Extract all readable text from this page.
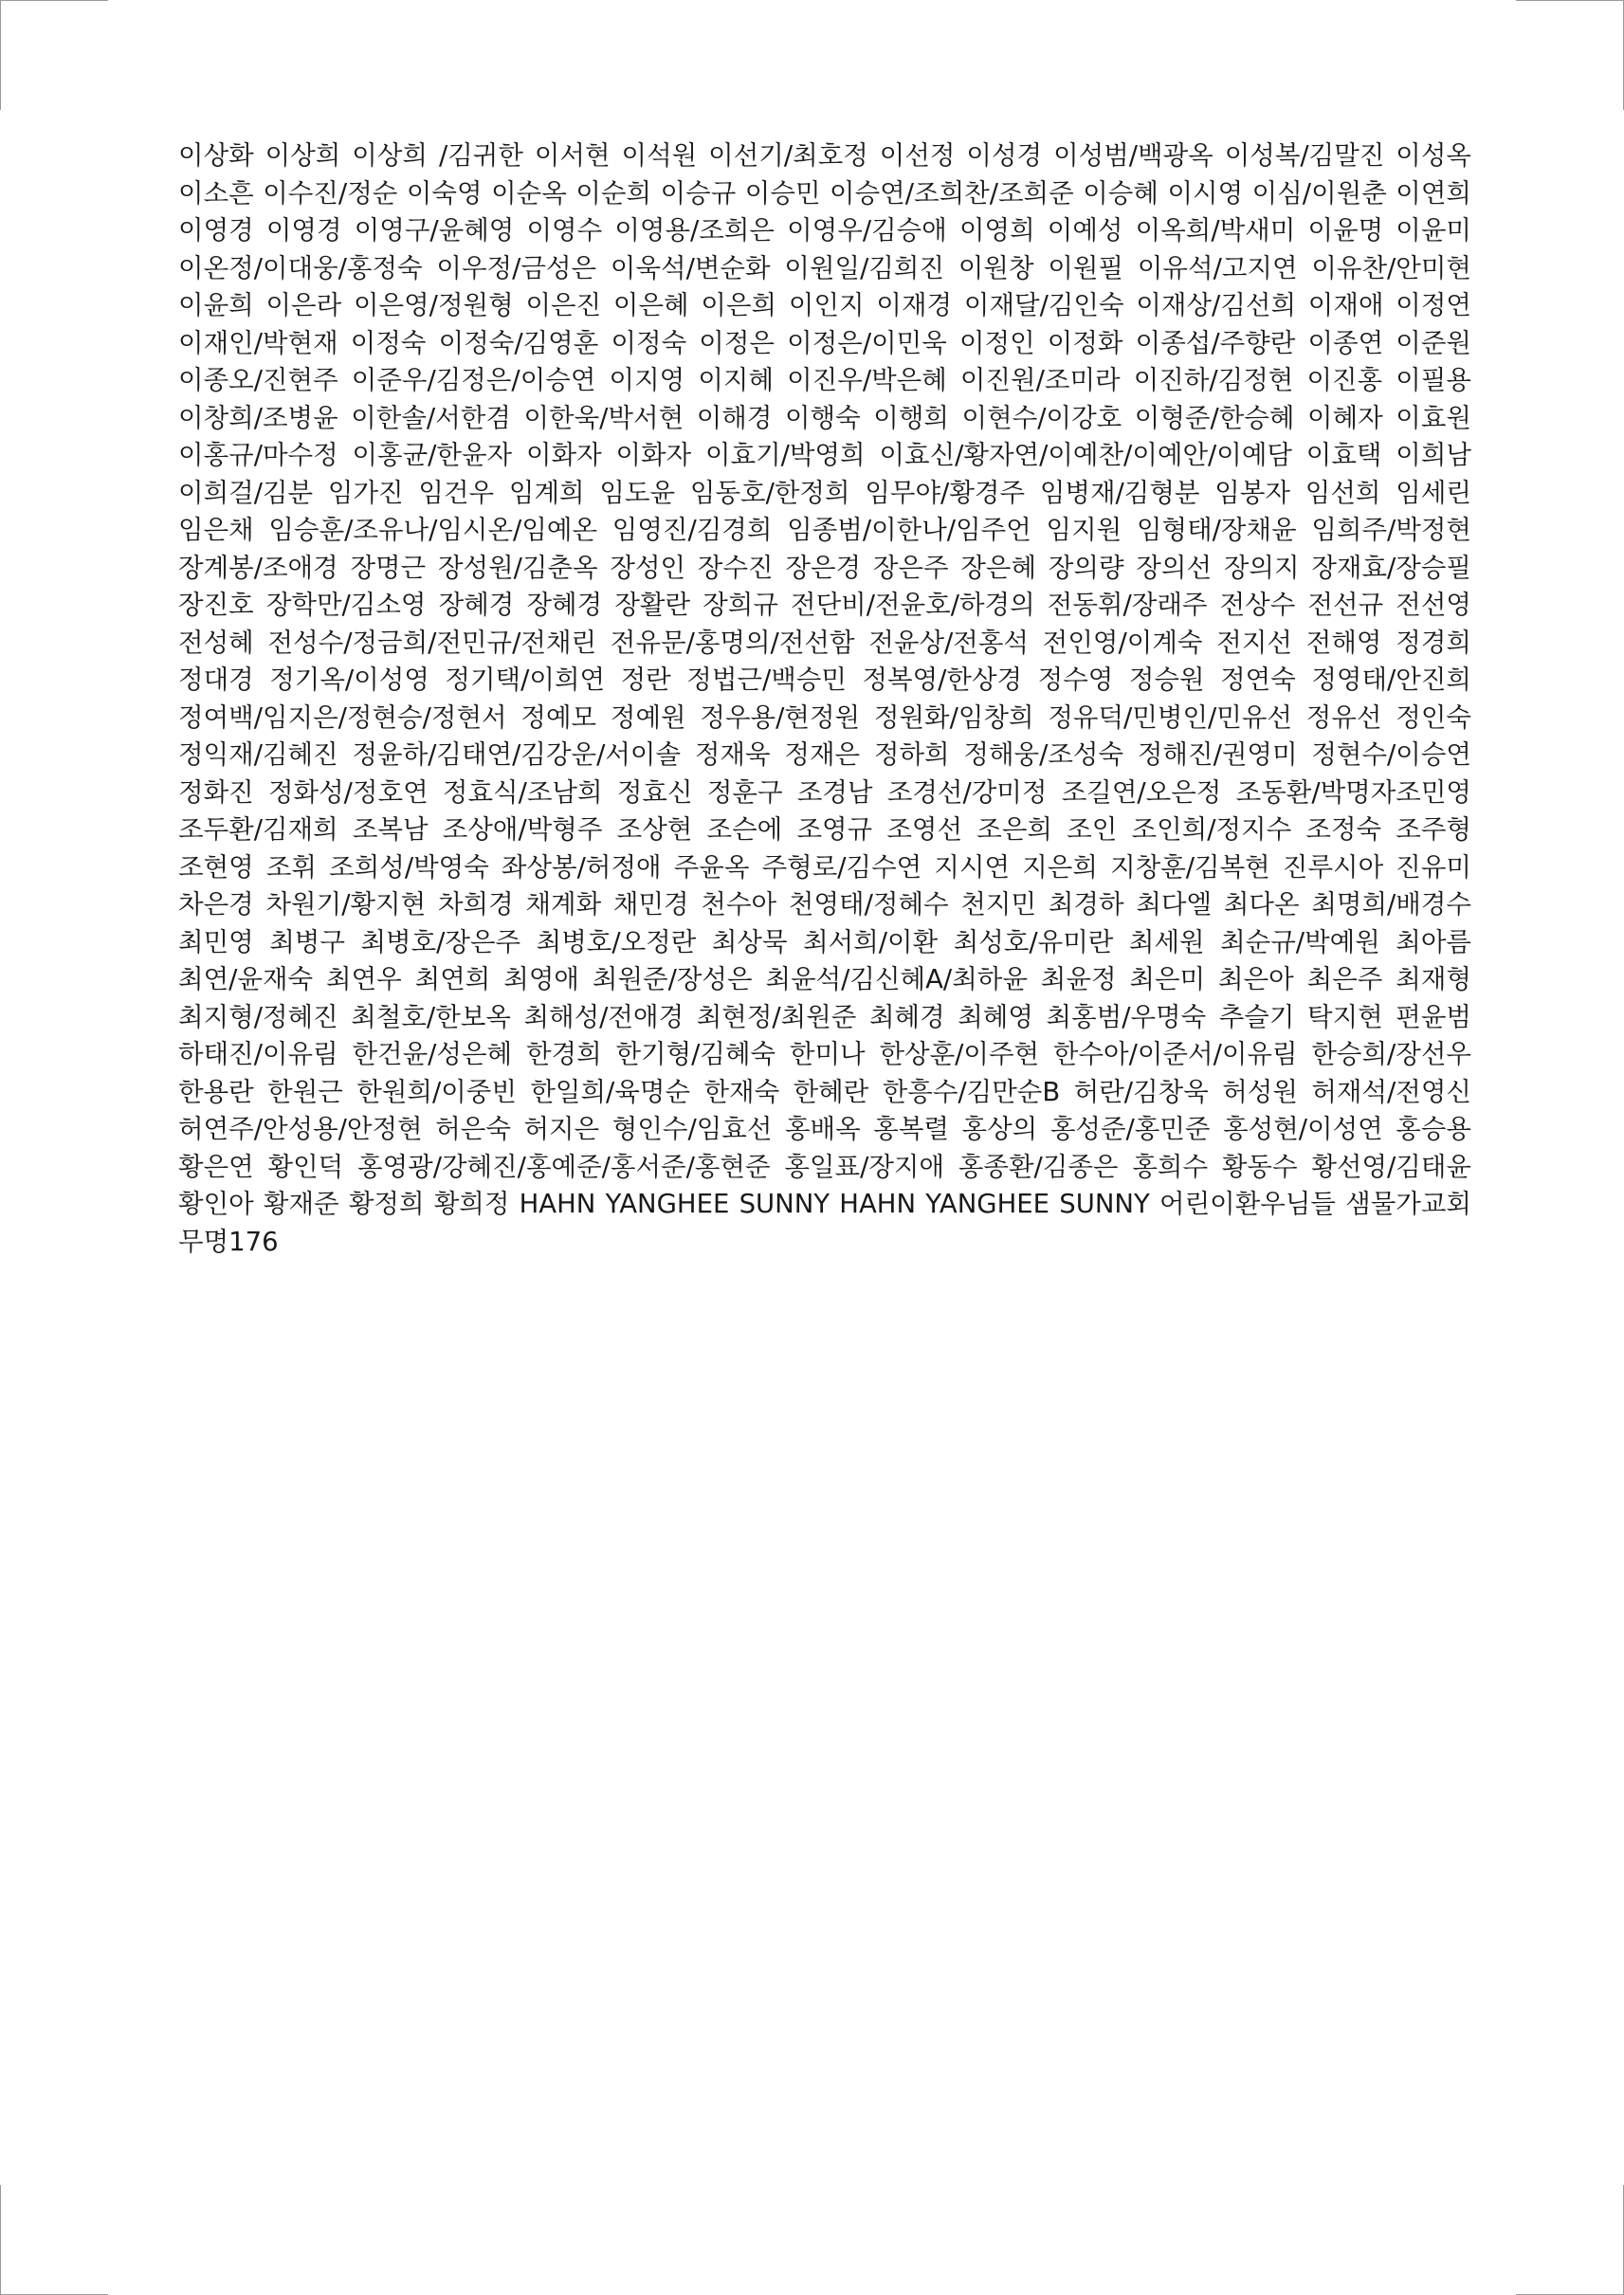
이상화 이상희 이상희 /김귀한 이서현 이석원 이선기/최호정 이선정 이성경 이성범/백광옥 이성복/김말진 이성옥
이소흔 이수진/정순 이숙영 이순옥 이순희 이승규 이승민 이승연/조희찬/조희준 이승혜 이시영 이심/이원춘 이연희
이영경 이영경 이영구/윤혜영 이영수 이영용/조희은 이영우/김승애 이영희 이예성 이옥희/박새미 이윤명 이윤미
이온정/이대웅/홍정숙 이우정/금성은 이욱석/변순화 이원일/김희진 이원창 이원필 이유석/고지연 이유찬/안미현
이윤희 이은라 이은영/정원형 이은진 이은혜 이은희 이인지 이재경 이재달/김인숙 이재상/김선희 이재애 이정연
이재인/박현재 이정숙 이정숙/김영훈 이정숙 이정은 이정은/이민욱 이정인 이정화 이종섭/주향란 이종연 이준원
이종오/진현주 이준우/김정은/이승연 이지영 이지혜 이진우/박은혜 이진원/조미라 이진하/김정현 이진홍 이필용
이창희/조병윤 이한솔/서한겸 이한욱/박서현 이해경 이행숙 이행희 이현수/이강호 이형준/한승혜 이혜자 이효원
이홍규/마수정 이홍균/한윤자 이화자 이화자 이효기/박영희 이효신/황자연/이예찬/이예안/이예담 이효택 이희남
이희걸/김분 임가진 임건우 임계희 임도윤 임동호/한정희 임무야/황경주 임병재/김형분 임봉자 임선희 임세린
임은채 임승훈/조유나/임시온/임예온 임영진/김경희 임종범/이한나/임주언 임지원 임형태/장채윤 임희주/박정현
장계봉/조애경 장명근 장성원/김춘옥 장성인 장수진 장은경 장은주 장은혜 장의량 장의선 장의지 장재효/장승필
장진호 장학만/김소영 장혜경 장혜경 장활란 장희규 전단비/전윤호/하경의 전동휘/장래주 전상수 전선규 전선영
전성혜 전성수/정금희/전민규/전채린 전유문/홍명의/전선함 전윤상/전홍석 전인영/이계숙 전지선 전해영 정경희
정대경 정기옥/이성영 정기택/이희연 정란 정법근/백승민 정복영/한상경 정수영 정승원 정연숙 정영태/안진희
정여백/임지은/정현승/정현서 정예모 정예원 정우용/현정원 정원화/임창희 정유덕/민병인/민유선 정유선 정인숙
정익재/김혜진 정윤하/김태연/김강운/서이솔 정재욱 정재은 정하희 정해웅/조성숙 정해진/권영미 정현수/이승연
정화진 정화성/정호연 정효식/조남희 정효신 정훈구 조경남 조경선/강미정 조길연/오은정 조동환/박명자조민영
조두환/김재희 조복남 조상애/박형주 조상현 조슨에 조영규 조영선 조은희 조인 조인희/정지수 조정숙 조주형
조현영 조휘 조희성/박영숙 좌상봉/허정애 주윤옥 주형로/김수연 지시연 지은희 지창훈/김복현 진루시아 진유미
차은경 차원기/황지현 차희경 채계화 채민경 천수아 천영태/정혜수 천지민 최경하 최다엘 최다온 최명희/배경수
최민영 최병구 최병호/장은주 최병호/오정란 최상묵 최서희/이환 최성호/유미란 최세원 최순규/박예원 최아름
최연/윤재숙 최연우 최연희 최영애 최원준/장성은 최윤석/김신혜A/최하윤 최윤정 최은미 최은아 최은주 최재형
최지형/정혜진 최철호/한보옥 최해성/전애경 최현정/최원준 최혜경 최혜영 최홍범/우명숙 추슬기 탁지현 편윤범
하태진/이유림 한건윤/성은혜 한경희 한기형/김혜숙 한미나 한상훈/이주현 한수아/이준서/이유림 한승희/장선우
한용란 한원근 한원희/이중빈 한일희/육명순 한재숙 한혜란 한흥수/김만순B 허란/김창욱 허성원 허재석/전영신
허연주/안성용/안정현 허은숙 허지은 형인수/임효선 홍배옥 홍복렬 홍상의 홍성준/홍민준 홍성현/이성연 홍승용
황은연 황인덕 홍영광/강혜진/홍예준/홍서준/홍현준 홍일표/장지애 홍종환/김종은 홍희수 황동수 황선영/김태윤
황인아 황재준 황정희 황희정 HAHN YANGHEE SUNNY HAHN YANGHEE SUNNY 어린이환우님들 샘물가교회
무명176
